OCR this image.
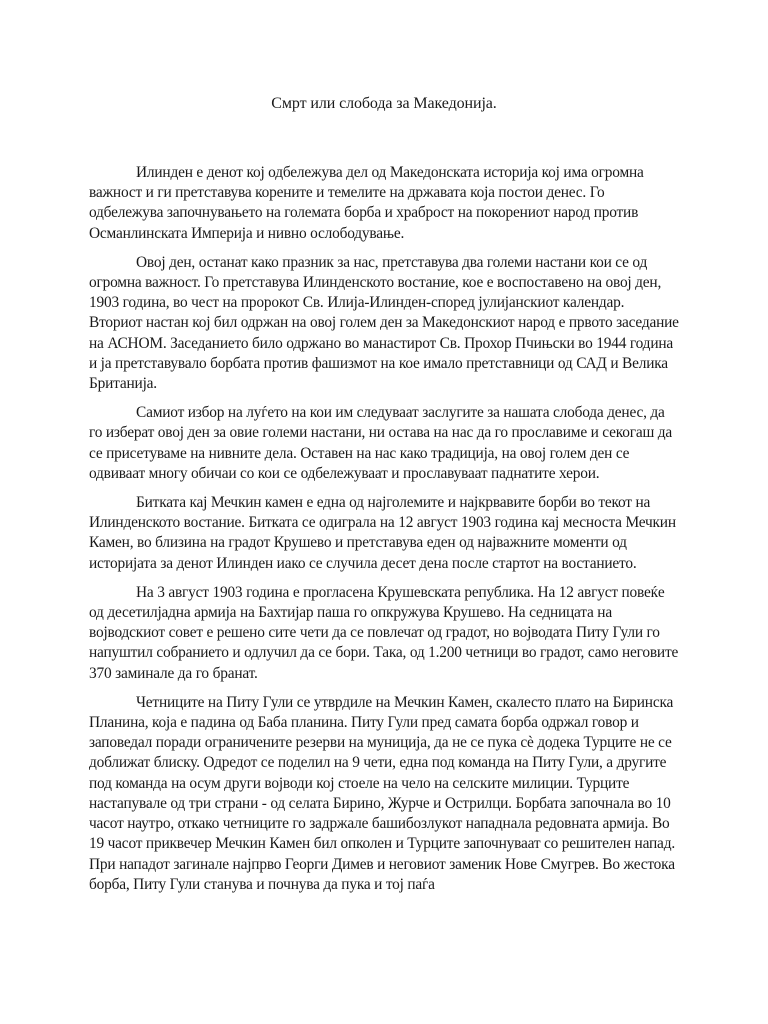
Смрт или слобода за Македонија.

Илинден е денот кој одбележува дел од Македонската историја кој има огромна важност и ги претставува корените и темелите на државата која постои денес. Го одбележува започнувањето на големата борба и храброст на покорениот народ против Османлинската Империја и нивно ослободување.

Овој ден, останат како празник за нас, претставува два големи настани кои се од огромна важност. Го претставува Илинденското востание, кое е воспоставено на овој ден, 1903 година, во чест на пророкот Св. Илија-Илинден-според јулијанскиот календар. Вториот настан кој бил одржан на овој голем ден за Македонскиот народ е првото заседание на АСНОМ. Заседанието било одржано во манастирот Св. Прохор Пчињски во 1944 година и ја претставувало борбата против фашизмот на кое имало претставници од САД и Велика Британија.

Самиот избор на луѓето на кои им следуваат заслугите за нашата слобода денес, да го изберат овој ден за овие големи настани, ни остава на нас да го прославиме и секогаш да се присетуваме на нивните дела. Оставен на нас како традиција, на овој голем ден се одвиваат многу обичаи со кои се одбележуваат и прославуваат паднатите херои.

Битката кај Мечкин камен е една од најголемите и најкрвавите борби во текот на Илинденското востание. Битката се одиграла на 12 август 1903 година кај месноста Мечкин Камен, во близина на градот Крушево и претставува еден од најважните моменти од историјата за денот Илинден иако се случила десет дена после стартот на востанието.

На 3 август 1903 година е прогласена Крушевската република. На 12 август повеќе од десетилјадна армија на Бахтијар паша го опкружува Крушево. На седницата на војводскиот совет е решено сите чети да се повлечат од градот, но војводата Питу Гули го напуштил собранието и одлучил да се бори. Така, од 1.200 четници во градот, само неговите 370 заминале да го бранат.

Четниците на Питу Гули се утврдиле на Мечкин Камен, скалесто плато на Биринска Планина, која е падина од Баба планина. Питу Гули пред самата борба одржал говор и заповедал поради ограничените резерви на муниција, да не се пука сè додека Турците не се доближат блиску. Одредот се поделил на 9 чети, една под команда на Питу Гули, а другите под команда на осум други војводи кој стоеле на чело на селските милиции. Турците настапувале од три страни - од селата Бирино, Журче и Острилци. Борбата започнала во 10 часот наутро, откако четниците го задржале башибозлукот нападнала редовната армија. Во 19 часот приквечер Мечкин Камен бил опколен и Турците започнуваат со решителен напад. При нападот загинале најпрво Георги Димев и неговиот заменик Нове Смугрев. Во жестока борба, Питу Гули станува и почнува да пука и тој паѓа
